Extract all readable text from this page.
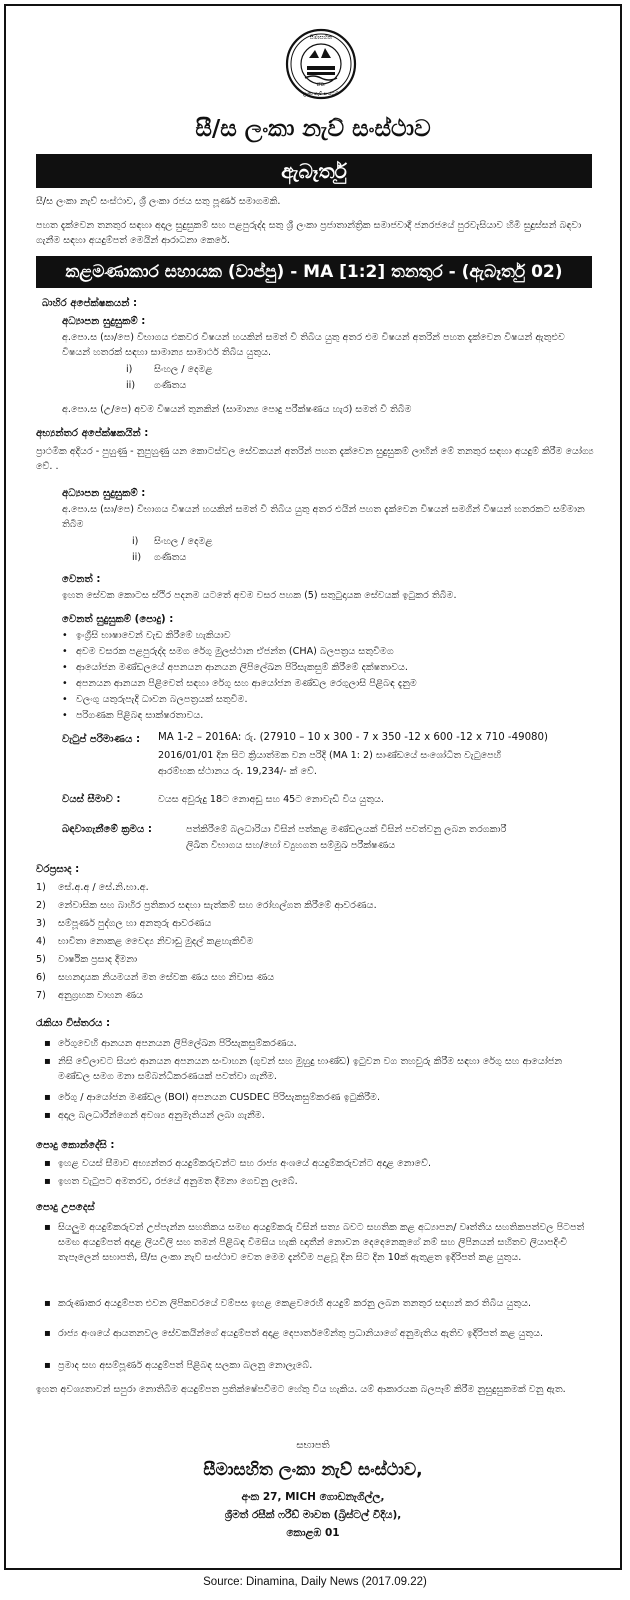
සීමාසහිත
ලංකා නැව් සංස්ථාව
LTD.
සී/ස ලංකා නැව් සංස්ථාව
ඇබෑර්තු
සී/ස ලංකා නැව් සංස්ථාව, ශ්‍රී ලංකා රජය සතු පූර්ණ සමාගමකි.
පහත දැක්වෙන තනතුර සඳහා අදාල සුදුසුකම් සහ පළපුරුද්ද සතු ශ්‍රී ලංකා ප්‍රජාතාන්ත්‍රික සමාජවාදී ජනරජයේ පුරවැසියාව හිමි සුදුස්සන් බඳවා ගැනීම සඳහා අයදුම්පත් මෙයින් ආරාධනා කෙරේ.
කළමණාකාර සහායක (වාප්පු) - MA [1:2] තනතුර - (ඇබෑර්තු 02)
බාහිර අපේක්ෂකයන් :
අධ්‍යාපන සුදුසුකම් :
අ.පො.ස (සා/පෙ) විභාගය එකවර විෂයන් හයකින් සමත් වී තිබිය යුතු අතර එම විෂයන් අතරින් පහත දැක්වෙන විෂයන් ඇතුළුව විෂයන් හතරක් සඳහා සාමාන්‍ය සාමාර්ථ තිබිය යුතුය.
i) සිංහල / දෙමළ
ii) ගණිතය
අ.පො.ස (උ/පෙ) අවම විෂයන් තුනකින් (සාමාන්‍ය පොදු පරීක්ෂණය හැර) සමත් වී තිබීම
අභ්‍යන්තර අපේක්ෂකයින් :
ප්‍රාථමික අදියර - පුහුණු - නුපුහුණු යන කොටස්වල සේවකයන් අතරින් පහත දැක්වෙන සුදුසුකම් ලාභින් මේ තනතුර සඳහා අයදුම් කිරීම යෝග්‍ය වේ. .
අධ්‍යාපන සුදුසුකම් :
අ.පො.ස (සා/පෙ) විභාගය විෂයන් හයකින් සමත් වී තිබිය යුතු අතර එයින් පහත දැක්වෙන විෂයන් සමගින් විෂයන් හතරකට සම්මාන තිබීම
i) සිංහල / දෙමළ
ii) ගණිතය
වෙනත් :
ඉහත සේවක කොටස ස්ථිර පදනම යටතේ අවම වසර පහක (5) සතුටුදායක සේවයක් ඉටුකර තිබීම.
වෙනත් සුදුසුකම් (පොදු) :
• ඉංග්‍රීසි භාෂාවෙන් වැඩ කිරීමේ හැකියාව
• අවම වසරක පළපුරුද්ද සමග රේගු මුලස්ථාන ඒජන්ත (CHA) බලපත්‍රය සතුවීමග
• ආයෝජන මණ්ඩලයේ අපනයන ආනයන ලිපිලේඛන පිරිසැකසුම් කිරීමේ දක්ෂතාවය.
• අපනයන ආනයන පිළිවෙත් සඳහා රේගු සහ ආයෝජන මණ්ඩල රෙගුලාසි පිළිබඳ දැනුම
• වලංගු යතුරුපැදි ධාවන බලපත්‍රයක් සතුවීම.
• පරිගණක පිළිබඳ සාක්ෂරතාවය.
වැටුප් පරිමාණය : MA 1-2 – 2016A: රු. (27910 – 10 x 300 - 7 x 350 -12 x 600 -12 x 710 -49080)
2016/01/01 දින සිට ක්‍රියාත්මක වන පරිදි (MA 1: 2) සාණ්ඩයේ සංශෝධිත වැටුපෙහි
ආරම්භක ස්ථානය රු. 19,234/- ක් වේ.
වයස් සීමාව :	වයස අවුරුදු 18ට නොඅඩු සහ 45ට නොවැඩි විය යුතුය.
බඳවාගැනීමේ ක්‍රමය :	පත්කිරීමේ බලධාරියා විසින් පත්කළ මණ්ඩලයක් විසින් පවත්වනු ලබන තරගකාරී
ලිඛිත විභාගය සහ/හෝ ව්‍යුහගත සම්මුඛ පරීක්ෂණය
වරප්‍රසාද :
1) සේ.අ.අ / සේ.නි.භා.අ.
2) නේවාසික සහ බාහිර ප්‍රතිකාර සඳහා සැත්කම් සහ රෝහල්ගත කිරීමේ ආවරණය.
3) සම්පූර්ණ පුද්ගල හා අනතුරු ආවරණය
4) භාවිතා නොකළ වෛද්‍ය නිවාඩු මුදල් කළහැකිවීම
5) වාර්ෂික ප්‍රසාද දීමනා
6) සහනදායක නියමයන් මත සේවක ණය සහ නිවාස ණය
7) අනුග්‍රහක වාහන ණය
රැකියා විස්තරය :
▪ රේගුවෙහි ආනයන අපනයන ලිපිලේඛන පිරිසැකසුම්කරණය.
▪ නිසි වේලාවට සියළු ආනයන අපනයන සංවාහන (ගුවන් සහ මුහුදු භාණ්ඩ) ඉටුවන වග තහවුරු කිරීම සඳහා රේගු සහ ආයෝජන මණ්ඩල සමග මනා සම්බන්ධීකරණයක් පවත්වා ගැනීම.
▪ රේගු / ආයෝජන මණ්ඩල (BOI) අපනයන CUSDEC පිරිසැකසුම්කරණ ඉටුකිරීම.
▪ අදාල බලධාරීන්ගෙන් අවශ්‍ය අනුමැතියන් ලබා ගැනීම.
පොදු කොන්දේසි :
▪ ඉහළ වයස් සීමාව අභ්‍යන්තර අයදුම්කරුවන්ට සහ රාජ්‍ය අංශයේ අයදුම්කරුවන්ට අදාළ නොවේ.
▪ ඉහත වැටුපට අමතරව, රජයේ අනුමත දීමනා ගෙවනු ලැබේ.
පොදු උපදෙස්
▪ සියලුම අයදුම්කරුවන් උප්පැන්න සහතිකය සමඟ අයදුම්කරු විසින් සත්‍ය බවට සහතික කළ අධ්‍යාපන/ වෘත්තීය සහතිකපත්වල පිටපත් සමඟ අයදුම්පත් අදාළ ලියවිලි සහ තමන් පිළිබඳ විමසිය හැකි ඥාතීන් නොවන දෙදෙනෙකුගේ නම් සහ ලිපිනයන් සහිතව ලියාපදිංචි තැපෑලෙන් සභාපති, සී/ස ලංකා නැව් සංස්ථාව වෙත මෙම දැන්වීම පළවූ දින සිට දින 10ක් ඇතුළත ඉදිරිපත් කළ යුතුය.
▪ කරුණාකර අයදුම්පත එවන ලිපිකවරයේ වම්පස ඉහළ කෙළවරෙහි අයදුම් කරනු ලබන තනතුර සඳහන් කර තිබිය යුතුය.
▪ රාජ්‍ය අංශයේ ආයතනවල සේවකයින්ගේ අයදුම්පත් අදාළ දෙපාර්තමේන්තු ප්‍රධානියාගේ අනුමැතිය ඇතිව ඉදිරිපත් කළ යුතුය.
▪ ප්‍රමාද සහ අසම්පූර්ණ අයදුම්පත් පිළිබඳ සලකා බලනු නොලැබේ.
ඉහත අවශ්‍යතාවන් සපුරා නොතිබීම අයදුම්පත ප්‍රතික්ෂේපවීමට හේතු විය හැකිය. යම් ආකාරයක බලපෑම් කිරීම නුසුදුසුකමක් වනු ඇත.
සභාපති
සීමාසහිත ලංකා නැව් සංස්ථාව,
අංක 27, MICH ගොඩනැගිල්ල,
ශ්‍රීමත් රසීක් ෆරීඩ් මාවත (බ්‍රිස්ටල් වීදිය),
කොළඹ 01
Source: Dinamina, Daily News (2017.09.22)
